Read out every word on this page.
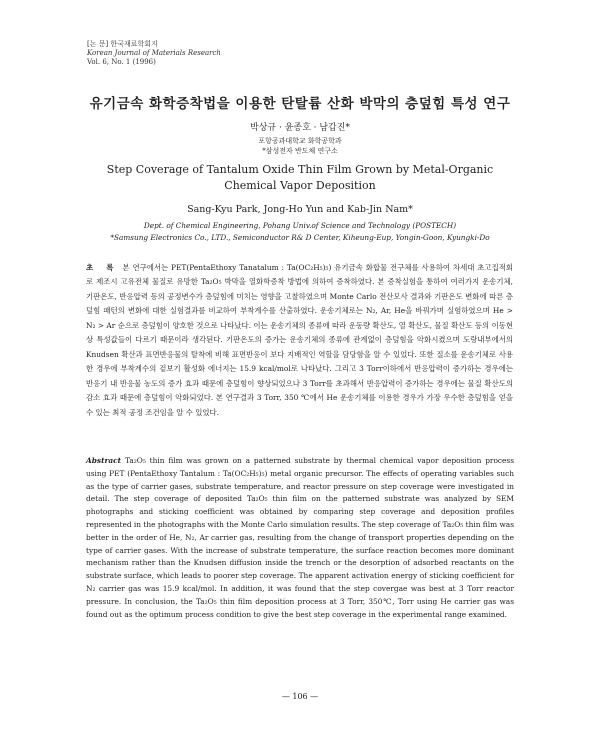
[논 문] 한국재료학회지
Korean Journal of Materials Research
Vol. 6, No. 1 (1996)
유기금속 화학증착법을 이용한 탄탈륨 산화 박막의 층덮힘 특성 연구
박상규 · 윤종호 · 남갑진*
포항공과대학교 화학공학과
*삼성전자 반도체 연구소
Step Coverage of Tantalum Oxide Thin Film Grown by Metal-Organic
Chemical Vapor Deposition
Sang-Kyu Park, Jong-Ho Yun and Kab-Jin Nam*
Dept. of Chemical Engineering, Pohang Univ.of Science and Technology (POSTECH)
*Samsung Electronics Co., LTD., Semiconductor R& D Center, Kiheung-Eup, Yongin-Goon, Kyungki-Do
초 록 본 연구에서는 PET(PentaEthoxy Tanatalum : Ta(OC₂H₅)₅) 유기금속 화합물 전구체를 사용하여 차세대 초고집적회로 제조시 고유전체 물질로 유망한 Ta₂O₅ 박막을 열화학증착 방법에 의하여 증착하였다. 본 증착실험을 통하여 여러가지 운송기체, 기판온도, 반응압력 등의 공정변수가 층덮힘에 미치는 영향을 고찰하였으며 Monte Carlo 전산모사 결과와 기판온도 변화에 따른 층덮힘 패턴의 변화에 대한 실험결과를 비교하여 부착계수를 산출하였다. 운송기체로는 N₂, Ar, He을 바꿔가며 실험하였으며 He > N₂ > Ar 순으로 층덮힘이 양호한 것으로 나타났다. 이는 운송기체의 종류에 따라 운동량 확산도, 열 확산도, 물질 확산도 등의 이동현상 특성값들이 다르기 때문이라 생각된다. 기판온도의 증가는 운송기체의 종류에 관계없이 층덮힘을 악화시켰으며 도랑내부에서의 Knudsen 확산과 표면반응물의 탈착에 비해 표면반응이 보다 지배적인 역할을 담당함을 알 수 있었다. 또한 질소를 운송기체로 사용한 경우에 부착계수의 겉보기 활성화 에너지는 15.9 kcal/mol로 나타났다. 그리고 3 Torr이하에서 반응압력이 증가하는 경우에는 반응기 내 반응물 농도의 증가 효과 때문에 층덮힘이 향상되었으나 3 Torr를 초과해서 반응압력이 증가하는 경우에는 물질 확산도의 감소 효과 때문에 층덮힘이 악화되었다. 본 연구결과 3 Torr, 350 ℃에서 He 운송기체를 이용한 경우가 가장 우수한 층덮힘을 얻을 수 있는 최적 공정 조건임을 알 수 있었다.
Abstract Ta₂O₅ thin film was grown on a patterned substrate by thermal chemical vapor deposition process using PET (PentaEthoxy Tantalum : Ta(OC₂H₅)₅) metal organic precursor. The effects of operating variables such as the type of carrier gases, substrate temperature, and reactor pressure on step coverage were investigated in detail. The step coverage of deposited Ta₂O₅ thin film on the patterned substrate was analyzed by SEM photographs and sticking coefficient was obtained by comparing step coverage and deposition profiles represented in the photographs with the Monte Carlo simulation results. The step coverage of Ta₂O₅ thin film was better in the order of He, N₂, Ar carrier gas, resulting from the change of transport properties depending on the type of carrier gases. With the increase of substrate temperature, the surface reaction becomes more dominant mechanism rather than the Knudsen diffusion inside the trench or the desorption of adsorbed reactants on the substrate surface, which leads to poorer step coverage. The apparent activation energy of sticking coefficient for N₂ carrier gas was 15.9 kcal/mol. In addition, it was found that the step covergae was best at 3 Torr reactor pressure. In conclusion, the Ta₂O₅ thin film deposition process at 3 Torr, 350℃, Torr using He carrier gas was found out as the optimum process condition to give the best step coverage in the experimental range examined.
— 106 —
